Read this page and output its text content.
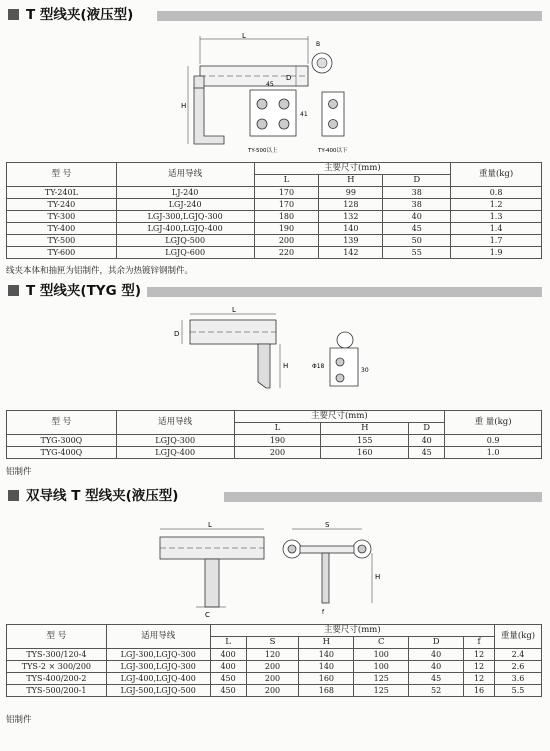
T 型线夹(液压型)
L
D
H
B
45
41
TY-500以上	TY-400以下
型 号	适用导线	主要尺寸(mm)			重量(kg)
		L	H	D	
TY-240L	LJ-240	170	99	38	0.8
TY-240	LGJ-240	170	128	38	1.2
TY-300	LGJ-300,LGJQ-300	180	132	40	1.3
TY-400	LGJ-400,LGJQ-400	190	140	45	1.4
TY-500	LGJQ-500	200	139	50	1.7
TY-600	LGJQ-600	220	142	55	1.9
线夹本体和抽匣为铝制件，其余为热镀锌钢制件。
T 型线夹(TYG 型)
L
D
H
30
Φ18
型 号	适用导线	主要尺寸(mm)			重 量(kg)
		L	H	D	
TYG-300Q	LGJQ-300	190	155	40	0.9
TYG-400Q	LGJQ-400	200	160	45	1.0
铝制件
双导线 T 型线夹(液压型)
L
C
S
H
f
型 号	适用导线	主要尺寸(mm)						重量(kg)
		L	S	H	C	D	f	
TYS-300/120-4	LGJ-300,LGJQ-300	400	120	140	100	40	12	2.4
TYS-2 × 300/200	LGJ-300,LGJQ-300	400	200	140	100	40	12	2.6
TYS-400/200-2	LGJ-400,LGJQ-400	450	200	160	125	45	12	3.6
TYS-500/200-1	LGJ-500,LGJQ-500	450	200	168	125	52	16	5.5
铝制件
